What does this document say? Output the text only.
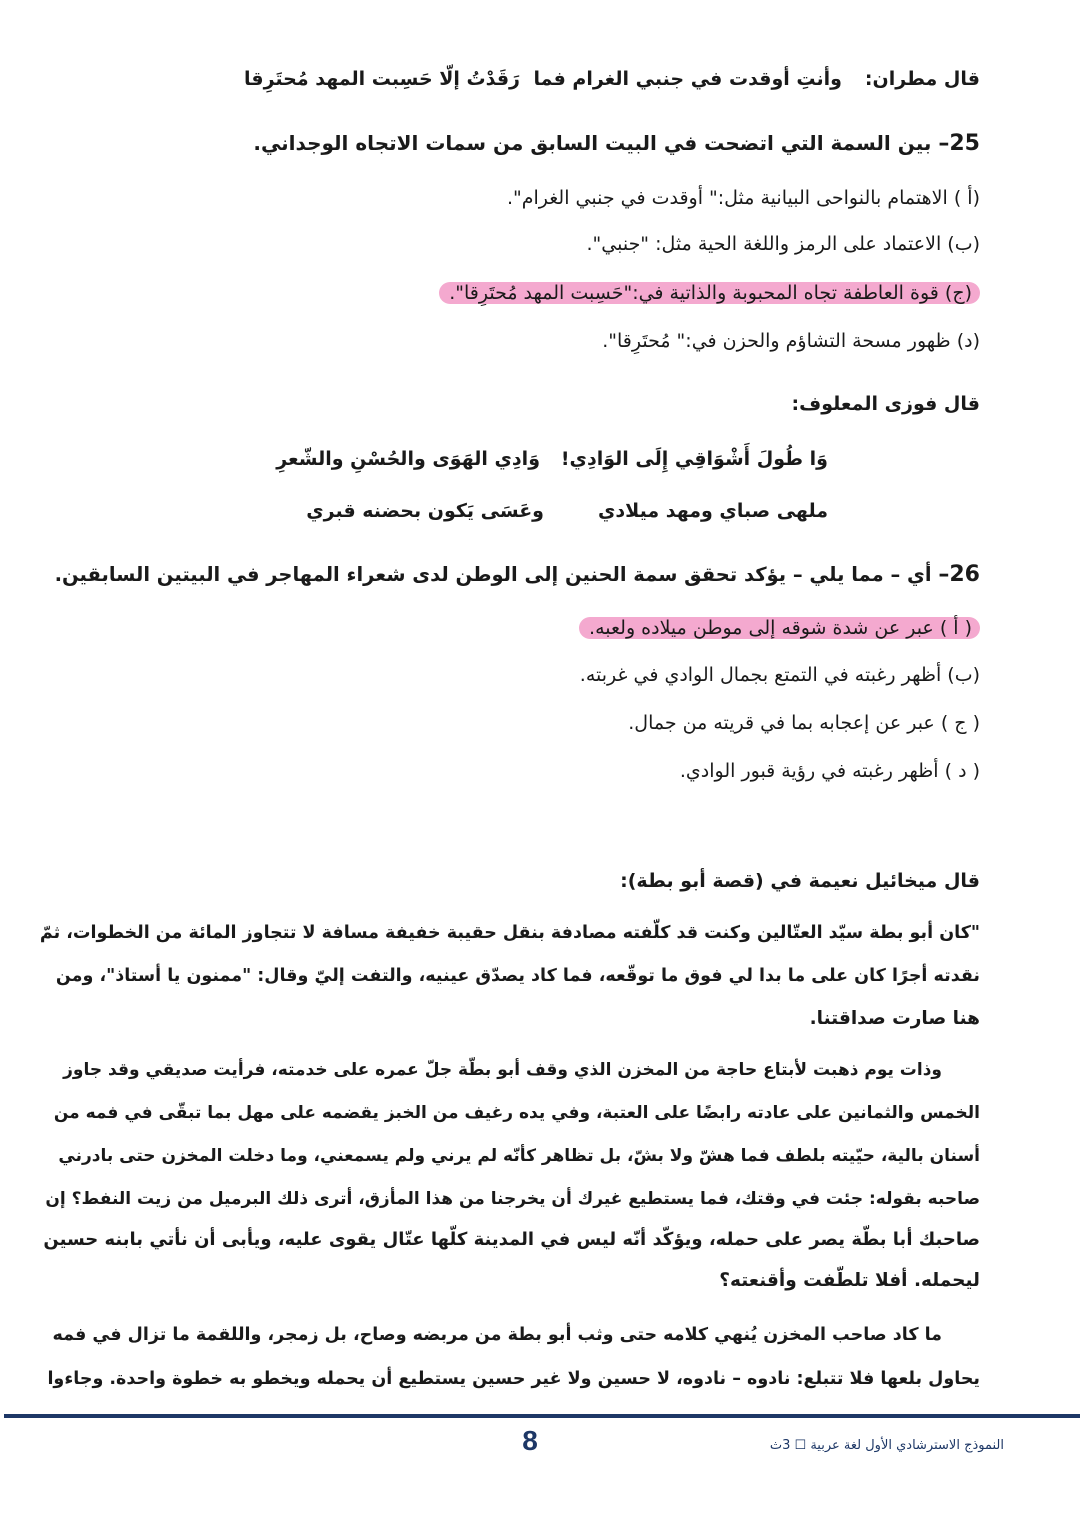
قال مطران:
وأنتِ أوقدت في جنبي الغرام فما
رَقَدْتُ إلّا حَسِبت المهد مُحتَرِقا
25– بين السمة التي اتضحت في البيت السابق من سمات الاتجاه الوجداني.
(أ ) الاهتمام بالنواحى البيانية مثل:" أوقدت في جنبي الغرام".
(ب) الاعتماد على الرمز واللغة الحية مثل: "جنبي".
(ج) قوة العاطفة تجاه المحبوبة والذاتية في:"حَسِبت المهد مُحتَرِقا".
(د) ظهور مسحة التشاؤم والحزن في:" مُحتَرِقا".
قال فوزى المعلوف:
وَا طُولَ أَشْوَاقِي إِلَى الوَادِي!
وَادِي الهَوَى والحُسْنِ والشّعرِ
ملهى صباي ومهد ميلادي
وعَسَى يَكون بحضنه قبري
26– أي – مما يلي – يؤكد تحقق سمة الحنين إلى الوطن لدى شعراء المهاجر في البيتين السابقين.
( أ ) عبر عن شدة شوقه إلى موطن ميلاده ولعبه.
(ب) أظهر رغبته في التمتع بجمال الوادي في غربته.
( ج ) عبر عن إعجابه بما في قريته من جمال.
( د ) أظهر رغبته في رؤية قبور الوادي.
قال ميخائيل نعيمة في (قصة أبو بطة):
"كان أبو بطة سيّد العتّالين وكنت قد كلّفته مصادفة بنقل حقيبة خفيفة مسافة لا تتجاوز المائة من الخطوات، ثمّ
نقدته أجرًا كان على ما بدا لي فوق ما توقّعه، فما كاد يصدّق عينيه، والتفت إليّ وقال: "ممنون يا أستاذ"، ومن
هنا صارت صداقتنا.
وذات يوم ذهبت لأبتاع حاجة من المخزن الذي وقف أبو بطّة جلّ عمره على خدمته، فرأيت صديقي وقد جاوز
الخمس والثمانين على عادته رابضًا على العتبة، وفي يده رغيف من الخبز يقضمه على مهل بما تبقّى في فمه من
أسنان بالية، حيّيته بلطف فما هشّ ولا بشّ، بل تظاهر كأنّه لم يرني ولم يسمعني، وما دخلت المخزن حتى بادرني
صاحبه بقوله: جئت في وقتك، فما يستطيع غيرك أن يخرجنا من هذا المأزق، أترى ذلك البرميل من زيت النفط؟ إن
صاحبك أبا بطّة يصر على حمله، ويؤكّد أنّه ليس في المدينة كلّها عتّال يقوى عليه، ويأبى أن نأتي بابنه حسين
ليحمله. أفلا تلطّفت وأقنعته؟
ما كاد صاحب المخزن يُنهي كلامه حتى وثب أبو بطة من مربضه وصاح، بل زمجر، واللقمة ما تزال في فمه
يحاول بلعها فلا تتبلع: نادوه – نادوه، لا حسين ولا غير حسين يستطيع أن يحمله ويخطو به خطوة واحدة. وجاءوا
8	النموذج الاسترشادي الأول لغة عربية ☐ 3ث
